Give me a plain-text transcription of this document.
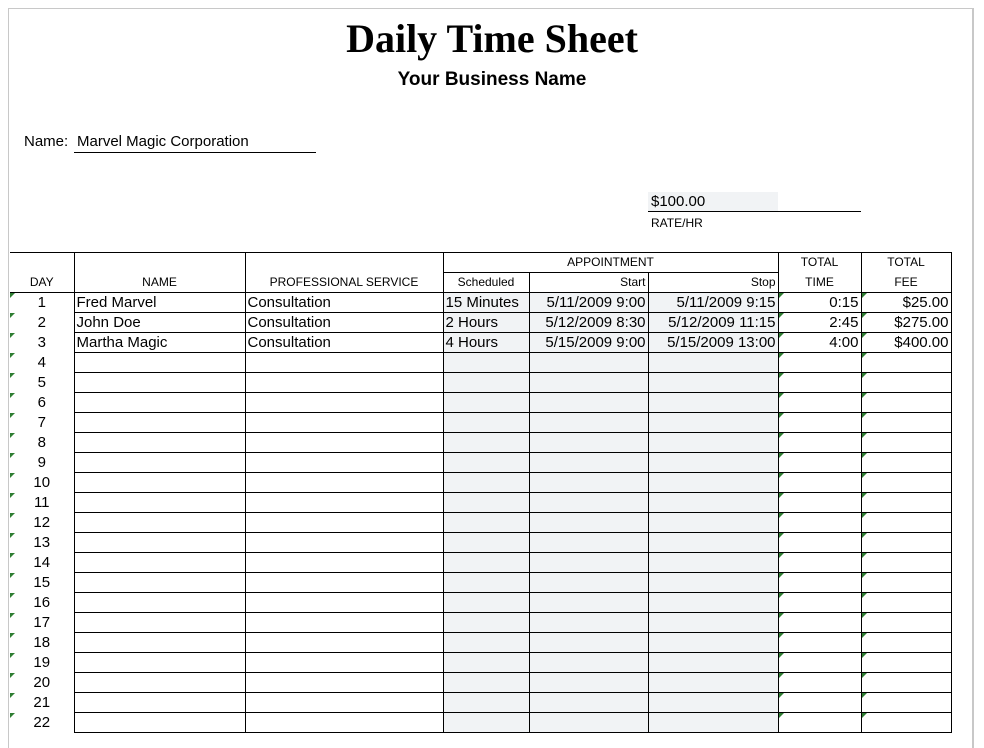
Daily Time Sheet
Your Business Name
Name: Marvel Magic Corporation
$100.00
RATE/HR
			APPOINTMENT			TOTAL	TOTAL
DAY	NAME	PROFESSIONAL SERVICE	Scheduled	Start	Stop	TIME	FEE

1	Fred Marvel	Consultation	15 Minutes	5/11/2009 9:00	5/11/2009 9:15	0:15	$25.00

2	John Doe	Consultation	2 Hours	5/12/2009 8:30	5/12/2009 11:15	2:45	$275.00

3	Martha Magic	Consultation	4 Hours	5/15/2009 9:00	5/15/2009 13:00	4:00	$400.00

4						

5						

6						

7						

8						

9						

10						

11						

12						

13						

14						

15						

16						

17						

18						

19						

20						

21						

22						
